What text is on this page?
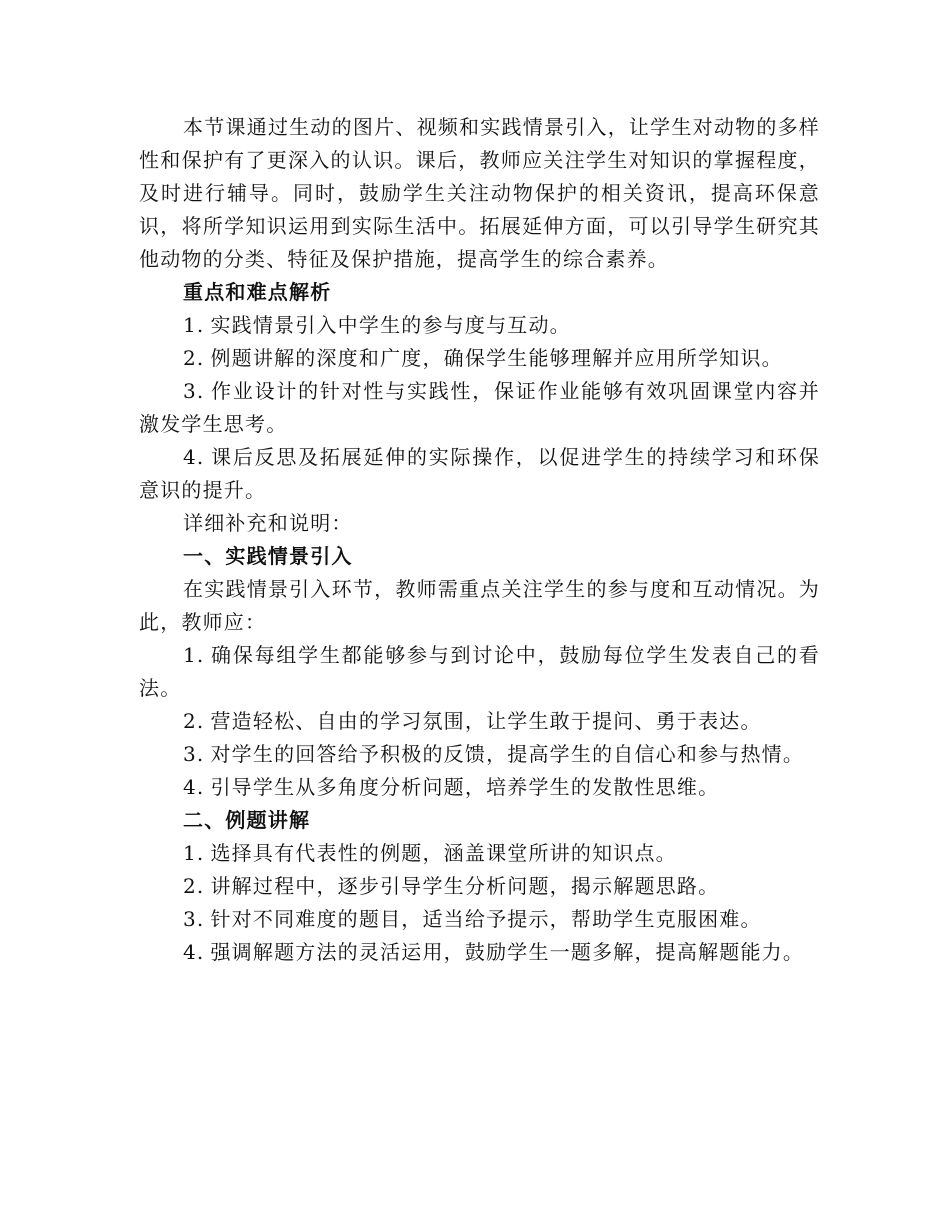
本节课通过生动的图片、视频和实践情景引入，让学生对动物的多样性和保护有了更深入的认识。课后，教师应关注学生对知识的掌握程度，及时进行辅导。同时，鼓励学生关注动物保护的相关资讯，提高环保意识，将所学知识运用到实际生活中。拓展延伸方面，可以引导学生研究其他动物的分类、特征及保护措施，提高学生的综合素养。

重点和难点解析

1. 实践情景引入中学生的参与度与互动。

2. 例题讲解的深度和广度，确保学生能够理解并应用所学知识。

3. 作业设计的针对性与实践性，保证作业能够有效巩固课堂内容并激发学生思考。

4. 课后反思及拓展延伸的实际操作，以促进学生的持续学习和环保意识的提升。

详细补充和说明：

一、实践情景引入

在实践情景引入环节，教师需重点关注学生的参与度和互动情况。为此，教师应：

1. 确保每组学生都能够参与到讨论中，鼓励每位学生发表自己的看法。

2. 营造轻松、自由的学习氛围，让学生敢于提问、勇于表达。

3. 对学生的回答给予积极的反馈，提高学生的自信心和参与热情。

4. 引导学生从多角度分析问题，培养学生的发散性思维。

二、例题讲解

1. 选择具有代表性的例题，涵盖课堂所讲的知识点。

2. 讲解过程中，逐步引导学生分析问题，揭示解题思路。

3. 针对不同难度的题目，适当给予提示，帮助学生克服困难。

4. 强调解题方法的灵活运用，鼓励学生一题多解，提高解题能力。
